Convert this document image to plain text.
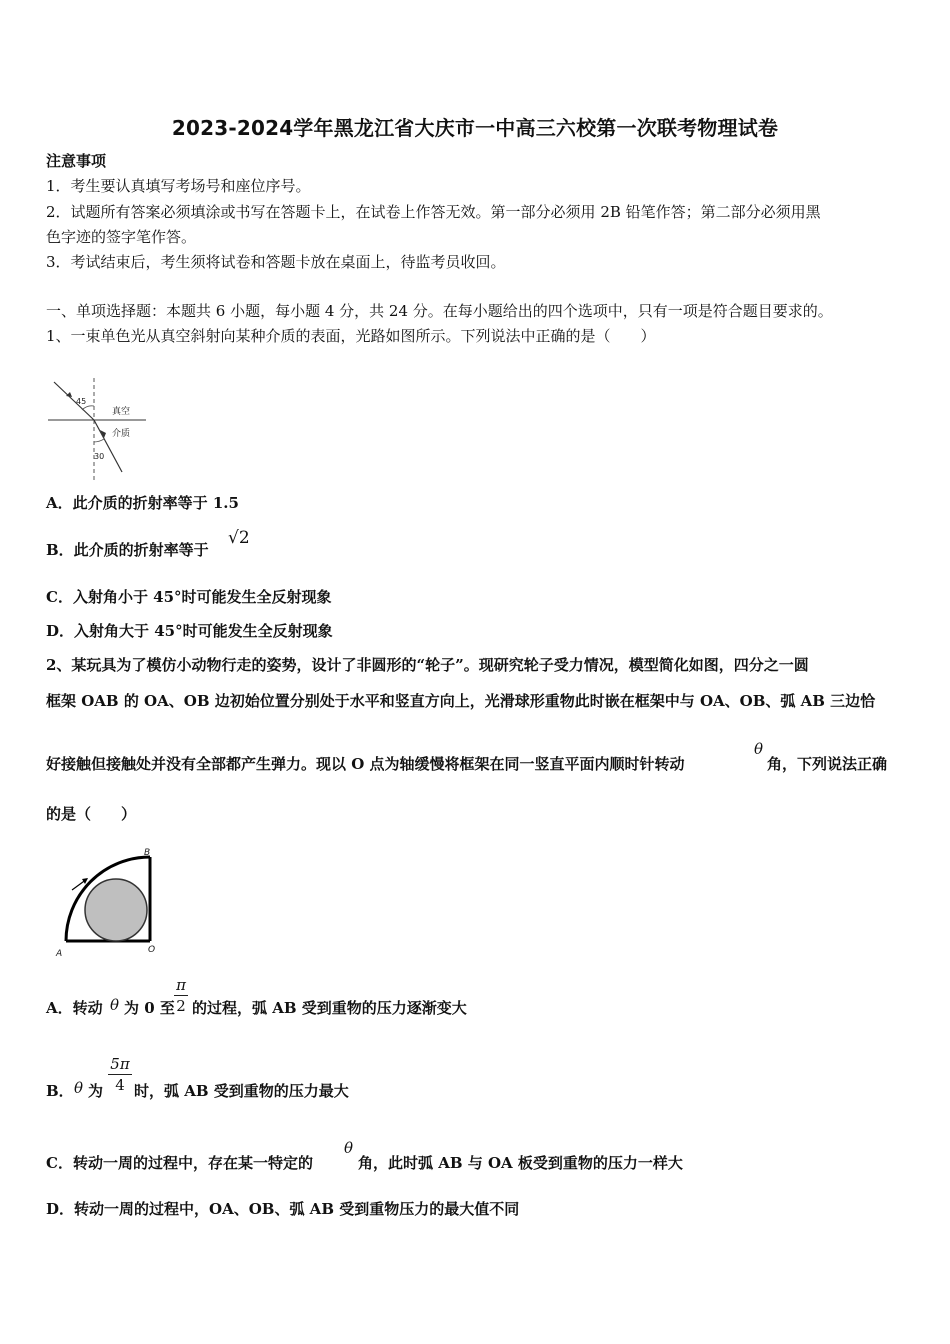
2023-2024学年黑龙江省大庆市一中高三六校第一次联考物理试卷
注意事项
1．考生要认真填写考场号和座位序号。
2．试题所有答案必须填涂或书写在答题卡上，在试卷上作答无效。第一部分必须用 2B 铅笔作答；第二部分必须用黑
色字迹的签字笔作答。
3．考试结束后，考生须将试卷和答题卡放在桌面上，待监考员收回。
一、单项选择题：本题共 6 小题，每小题 4 分，共 24 分。在每小题给出的四个选项中，只有一项是符合题目要求的。
1、一束单色光从真空斜射向某种介质的表面，光路如图所示。下列说法中正确的是（　　）
45
30
真空
介质
A．此介质的折射率等于 1.5
B．此介质的折射率等于
√2
C．入射角小于 45°时可能发生全反射现象
D．入射角大于 45°时可能发生全反射现象
2、某玩具为了模仿小动物行走的姿势，设计了非圆形的“轮子”。现研究轮子受力情况，模型简化如图，四分之一圆
框架 OAB 的 OA、OB 边初始位置分别处于水平和竖直方向上，光滑球形重物此时嵌在框架中与 OA、OB、弧 AB 三边恰
好接触但接触处并没有全部都产生弹力。现以 O 点为轴缓慢将框架在同一竖直平面内顺时针转动
θ
角，下列说法正确
的是（　　）
A
B
O
A．转动 θ 为 0 至
π
2 的过程，弧 AB 受到重物的压力逐渐变大
B． θ 为
5π
4 时，弧 AB 受到重物的压力最大
C．转动一周的过程中，存在某一特定的
θ
角，此时弧 AB 与 OA 板受到重物的压力一样大
D．转动一周的过程中，OA、OB、弧 AB 受到重物压力的最大值不同
